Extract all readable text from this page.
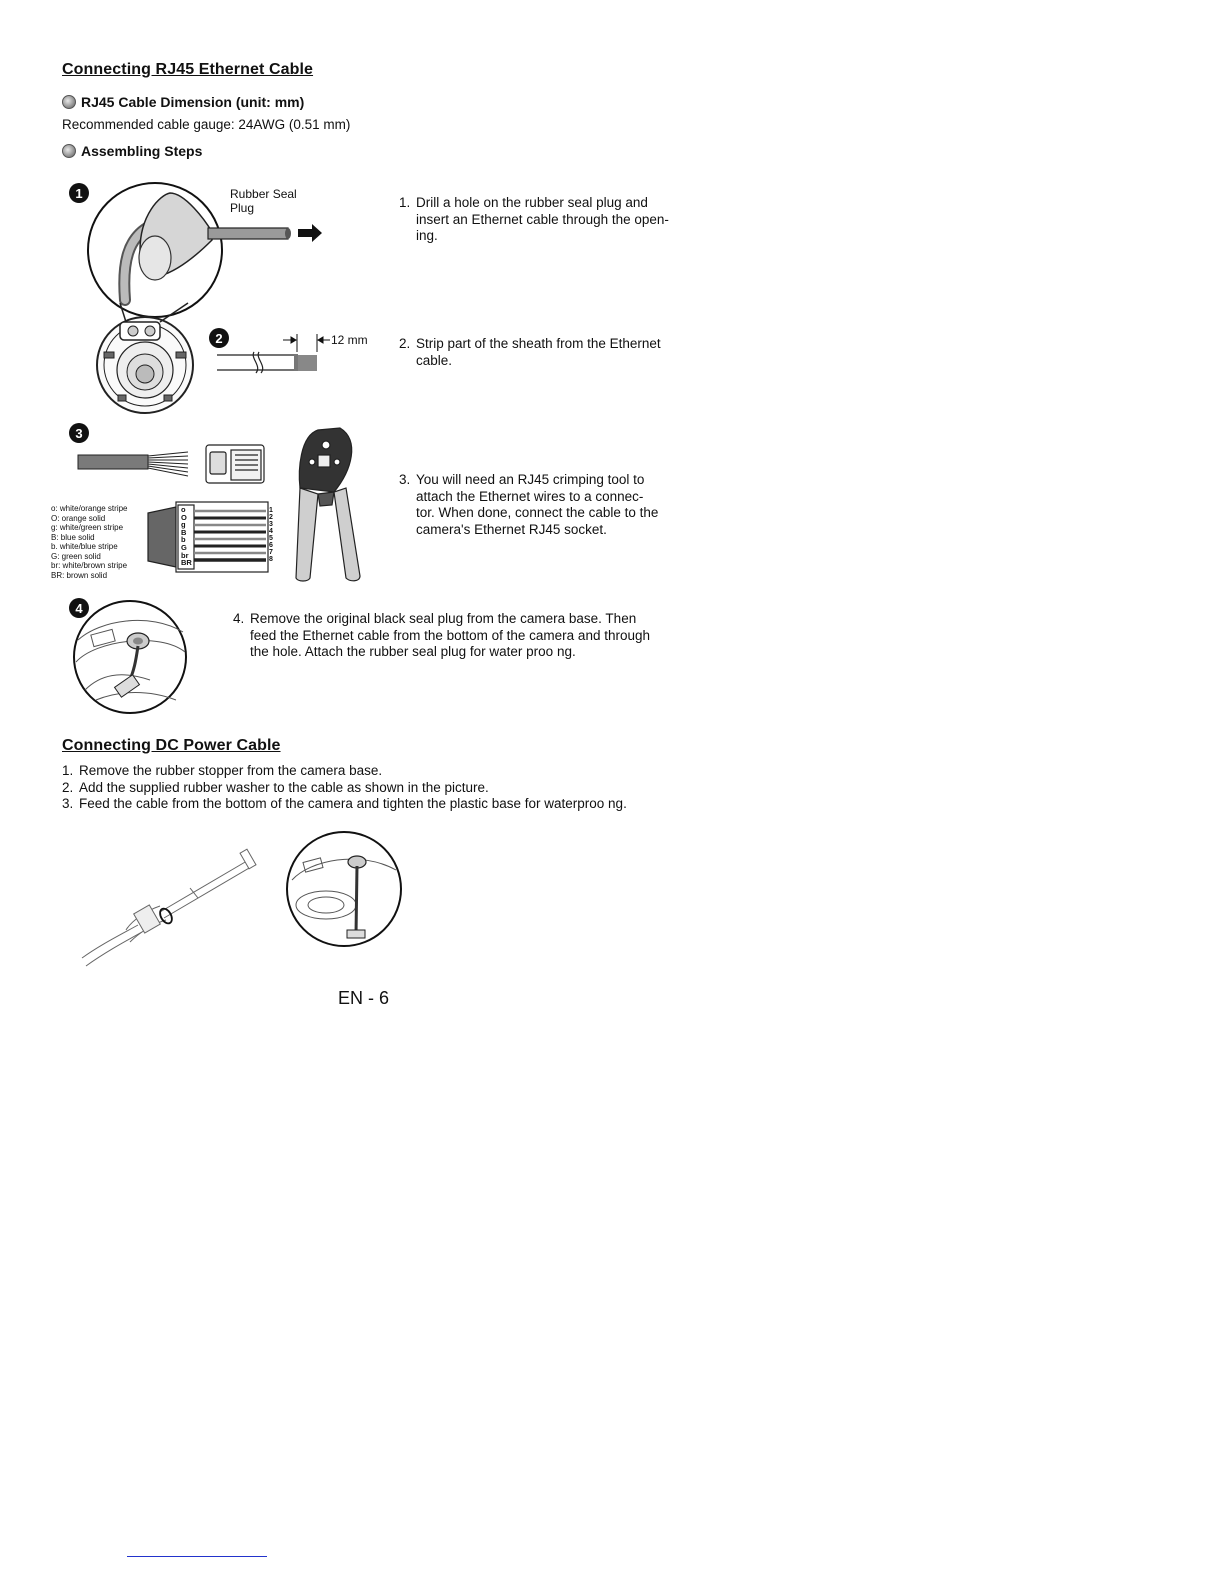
Connecting RJ45 Ethernet Cable
RJ45 Cable Dimension (unit: mm)
Recommended cable gauge: 24AWG (0.51 mm)
Assembling Steps
1	Rubber Seal
Plug	1. Drill a hole on the rubber seal plug and
insert an Ethernet cable through the open-
ing.
2	12 mm 2. Strip part of the sheath from the Ethernet
cable.
3
o
O
g
B
b
G
br
BR
1
2
3
4
5
6
7
8
o: white/orange stripe
O: orange solid
g: white/green stripe
B: blue solid
b. white/blue stripe
G: green solid
br: white/brown stripe
BR: brown solid
3. You will need an RJ45 crimping tool to
attach the Ethernet wires to a connec-
tor. When done, connect the cable to the
camera's Ethernet RJ45 socket.
4
4. Remove the original black seal plug from the camera base. Then
feed the Ethernet cable from the bottom of the camera and through
the hole. Attach the rubber seal plug for water proo ng.
Connecting DC Power Cable
1. Remove the rubber stopper from the camera base.
2. Add the supplied rubber washer to the cable as shown in the picture.
3. Feed the cable from the bottom of the camera and tighten the plastic base for waterproo ng.
EN - 6
